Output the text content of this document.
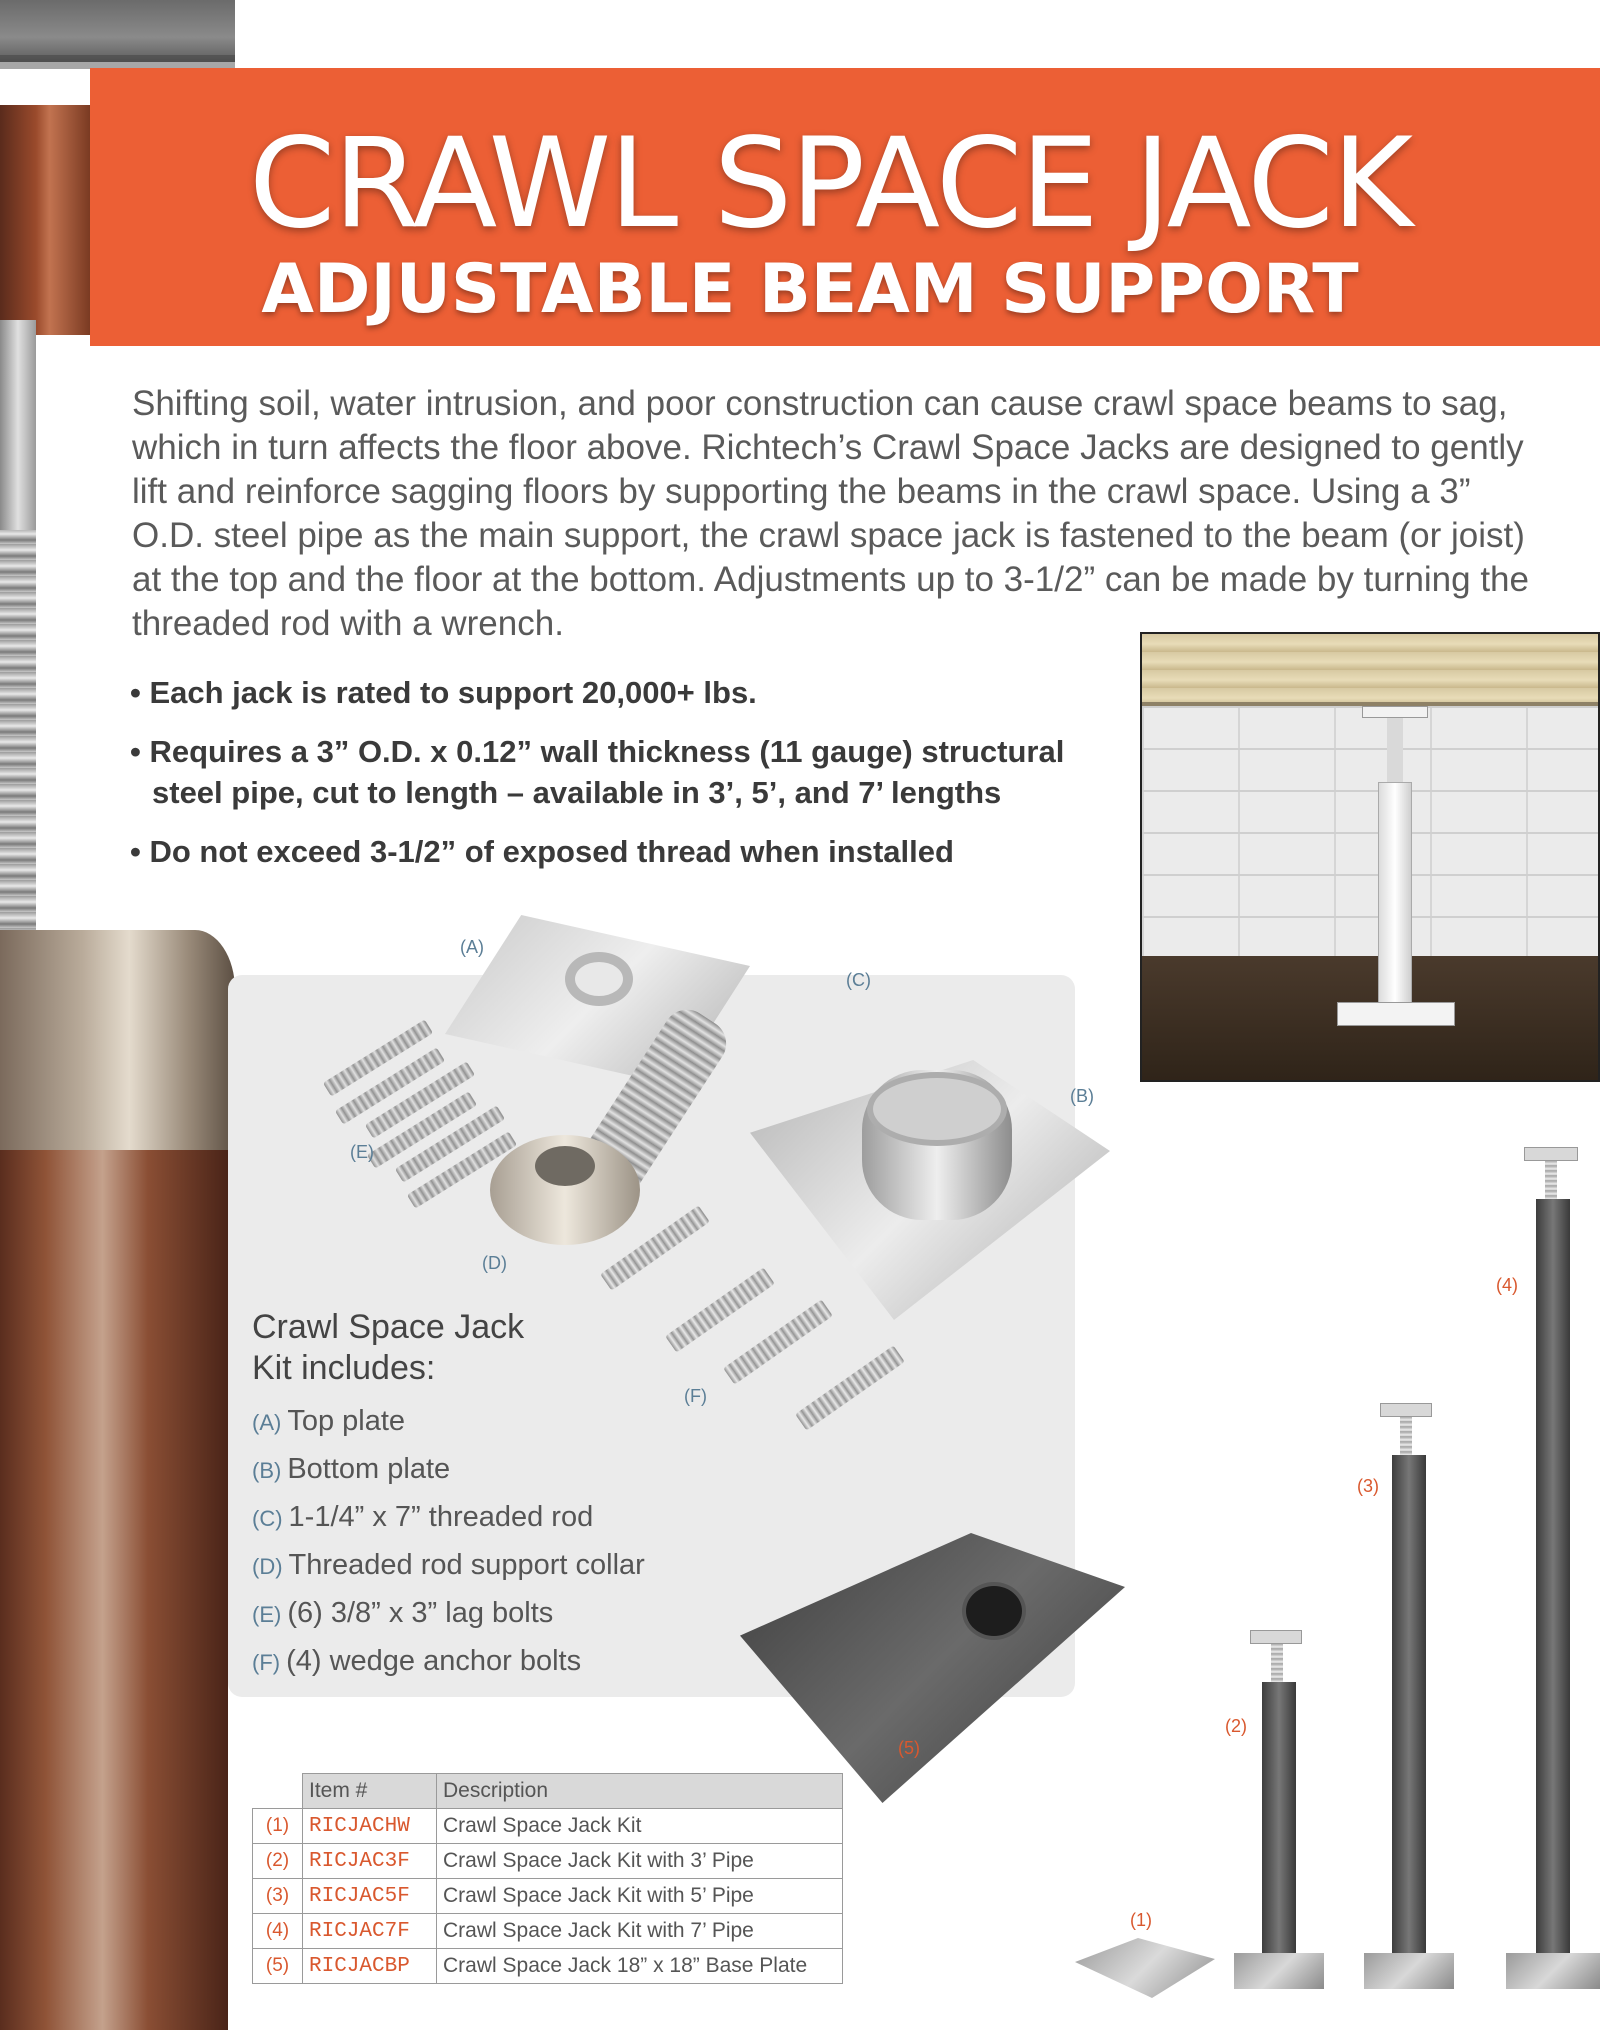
CRAWL SPACE JACK
ADJUSTABLE BEAM SUPPORT

Shifting soil, water intrusion, and poor construction can cause crawl space beams to sag, which in turn affects the floor above. Richtech’s Crawl Space Jacks are designed to gently lift and reinforce sagging floors by supporting the beams in the crawl space. Using a 3” O.D. steel pipe as the main support, the crawl space jack is fastened to the beam (or joist) at the top and the floor at the bottom. Adjustments up to 3-1/2” can be made by turning the threaded rod with a wrench.

• Each jack is rated to support 20,000+ lbs.
• Requires a 3” O.D. x 0.12” wall thickness (11 gauge) structural steel pipe, cut to length – available in 3’, 5’, and 7’ lengths
• Do not exceed 3-1/2” of exposed thread when installed
(A)
(C)
(B)
(E)
(D)
(F)
Crawl Space Jack
Kit includes:
(A) Top plate
(B) Bottom plate
(C) 1-1/4” x 7” threaded rod
(D) Threaded rod support collar
(E) (6) 3/8” x 3” lag bolts
(F) (4) wedge anchor bolts
(5)
(4)
(3)
(2)
(1)
	Item #	Description
(1)	RICJACHW	Crawl Space Jack Kit
(2)	RICJAC3F	Crawl Space Jack Kit with 3’ Pipe
(3)	RICJAC5F	Crawl Space Jack Kit with 5’ Pipe
(4)	RICJAC7F	Crawl Space Jack Kit with 7’ Pipe
(5)	RICJACBP	Crawl Space Jack 18” x 18” Base Plate
